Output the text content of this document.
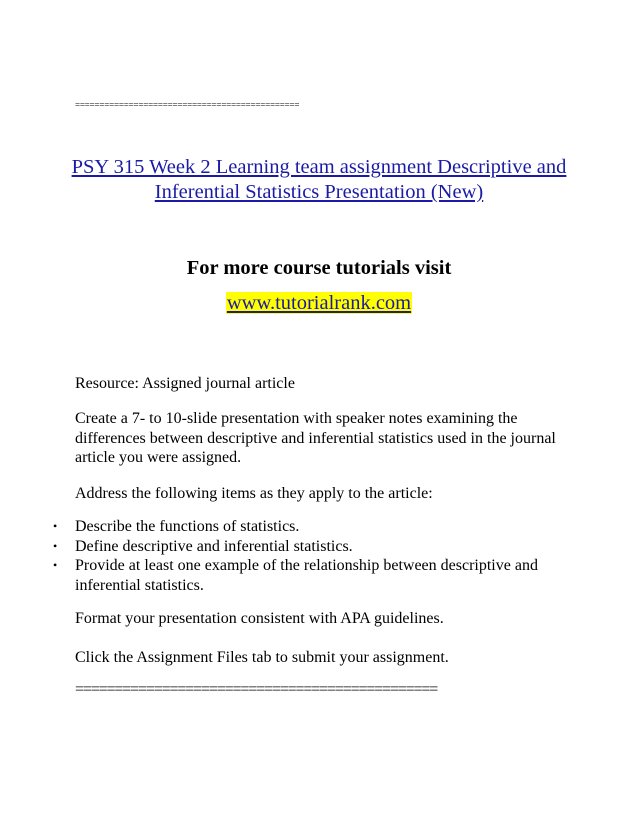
==============================================
PSY 315 Week 2 Learning team assignment Descriptive and Inferential Statistics Presentation (New)
For more course tutorials visit
www.tutorialrank.com
Resource: Assigned journal article
Create a 7- to 10-slide presentation with speaker notes examining the differences between descriptive and inferential statistics used in the journal article you were assigned.
Address the following items as they apply to the article:
• Describe the functions of statistics.
• Define descriptive and inferential statistics.
• Provide at least one example of the relationship between descriptive and inferential statistics.
Format your presentation consistent with APA guidelines.
Click the Assignment Files tab to submit your assignment.
==============================================
